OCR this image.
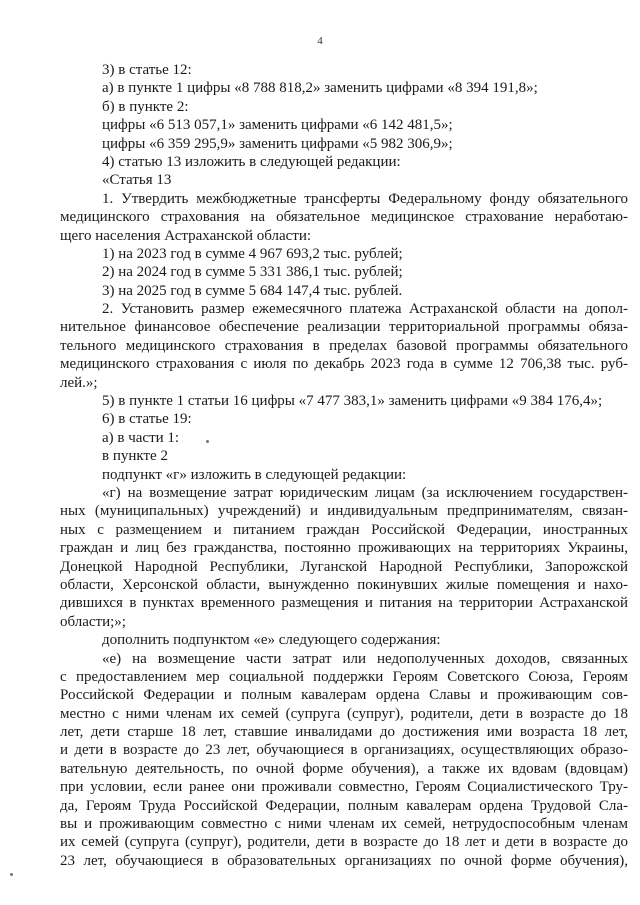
4
3) в статье 12:
а) в пункте 1 цифры «8 788 818,2» заменить цифрами «8 394 191,8»;
б) в пункте 2:
цифры «6 513 057,1» заменить цифрами «6 142 481,5»;
цифры «6 359 295,9» заменить цифрами «5 982 306,9»;
4) статью 13 изложить в следующей редакции:
«Статья 13
1. Утвердить межбюджетные трансферты Федеральному фонду обязательного
медицинского страхования на обязательное медицинское страхование неработаю-
щего населения Астраханской области:
1) на 2023 год в сумме 4 967 693,2 тыс. рублей;
2) на 2024 год в сумме 5 331 386,1 тыс. рублей;
3) на 2025 год в сумме 5 684 147,4 тыс. рублей.
2. Установить размер ежемесячного платежа Астраханской области на допол-
нительное финансовое обеспечение реализации территориальной программы обяза-
тельного медицинского страхования в пределах базовой программы обязательного
медицинского страхования с июля по декабрь 2023 года в сумме 12 706,38 тыс. руб-
лей.»;
5) в пункте 1 статьи 16 цифры «7 477 383,1» заменить цифрами «9 384 176,4»;
6) в статье 19:
а) в части 1:
в пункте 2
подпункт «г» изложить в следующей редакции:
«г) на возмещение затрат юридическим лицам (за исключением государствен-
ных (муниципальных) учреждений) и индивидуальным предпринимателям, связан-
ных с размещением и питанием граждан Российской Федерации, иностранных
граждан и лиц без гражданства, постоянно проживающих на территориях Украины,
Донецкой Народной Республики, Луганской Народной Республики, Запорожской
области, Херсонской области, вынужденно покинувших жилые помещения и нахо-
дившихся в пунктах временного размещения и питания на территории Астраханской
области;»;
дополнить подпунктом «е» следующего содержания:
«е) на возмещение части затрат или недополученных доходов, связанных
с предоставлением мер социальной поддержки Героям Советского Союза, Героям
Российской Федерации и полным кавалерам ордена Славы и проживающим сов-
местно с ними членам их семей (супруга (супруг), родители, дети в возрасте до 18
лет, дети старше 18 лет, ставшие инвалидами до достижения ими возраста 18 лет,
и дети в возрасте до 23 лет, обучающиеся в организациях, осуществляющих образо-
вательную деятельность, по очной форме обучения), а также их вдовам (вдовцам)
при условии, если ранее они проживали совместно, Героям Социалистического Тру-
да, Героям Труда Российской Федерации, полным кавалерам ордена Трудовой Сла-
вы и проживающим совместно с ними членам их семей, нетрудоспособным членам
их семей (супруга (супруг), родители, дети в возрасте до 18 лет и дети в возрасте до
23 лет, обучающиеся в образовательных организациях по очной форме обучения),
